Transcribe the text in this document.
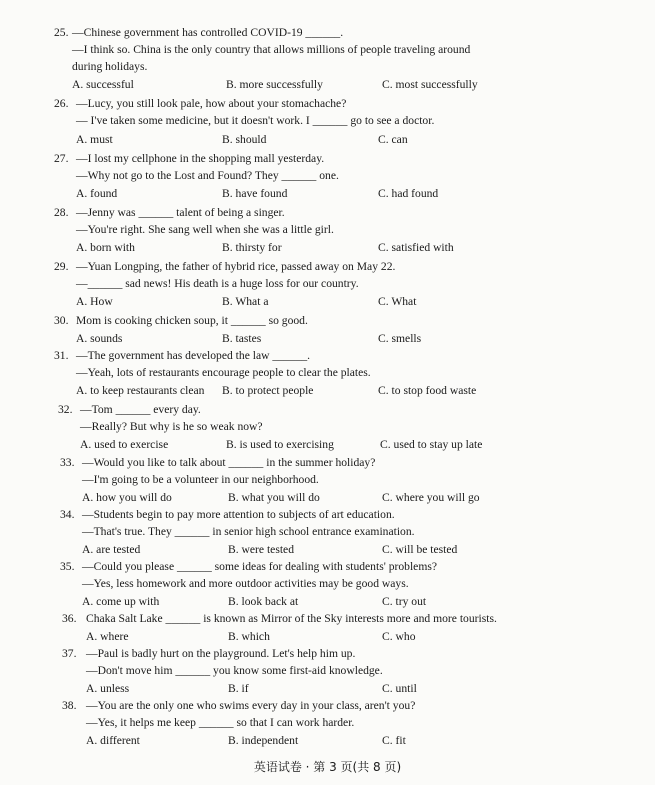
25. —Chinese government has controlled COVID-19 ______.
—I think so. China is the only country that allows millions of people traveling around
during holidays.
A. successful	B. more successfully	C. most successfully
26. —Lucy, you still look pale, how about your stomachache?
— I've taken some medicine, but it doesn't work. I ______ go to see a doctor.
A. must	B. should	C. can
27. —I lost my cellphone in the shopping mall yesterday.
—Why not go to the Lost and Found? They ______ one.
A. found	B. have found	C. had found
28. —Jenny was ______ talent of being a singer.
—You're right. She sang well when she was a little girl.
A. born with	B. thirsty for	C. satisfied with
29. —Yuan Longping, the father of hybrid rice, passed away on May 22.
—______ sad news! His death is a huge loss for our country.
A. How	B. What a	C. What
30. Mom is cooking chicken soup, it ______ so good.
A. sounds	B. tastes	C. smells
31. —The government has developed the law ______.
—Yeah, lots of restaurants encourage people to clear the plates.
A. to keep restaurants clean B. to protect people	C. to stop food waste
32. —Tom ______ every day.
—Really? But why is he so weak now?
A. used to exercise	B. is used to exercising	C. used to stay up late
33. —Would you like to talk about ______ in the summer holiday?
—I'm going to be a volunteer in our neighborhood.
A. how you will do	B. what you will do	C. where you will go
34. —Students begin to pay more attention to subjects of art education.
—That's true. They ______ in senior high school entrance examination.
A. are tested	B. were tested	C. will be tested
35. —Could you please ______ some ideas for dealing with students' problems?
—Yes, less homework and more outdoor activities may be good ways.
A. come up with	B. look back at	C. try out
36. Chaka Salt Lake ______ is known as Mirror of the Sky interests more and more tourists.
A. where	B. which	C. who
37. —Paul is badly hurt on the playground. Let's help him up.
—Don't move him ______ you know some first-aid knowledge.
A. unless	B. if	C. until
38. —You are the only one who swims every day in your class, aren't you?
—Yes, it helps me keep ______ so that I can work harder.
A. different	B. independent	C. fit
英语试卷 · 第 3 页(共 8 页)
